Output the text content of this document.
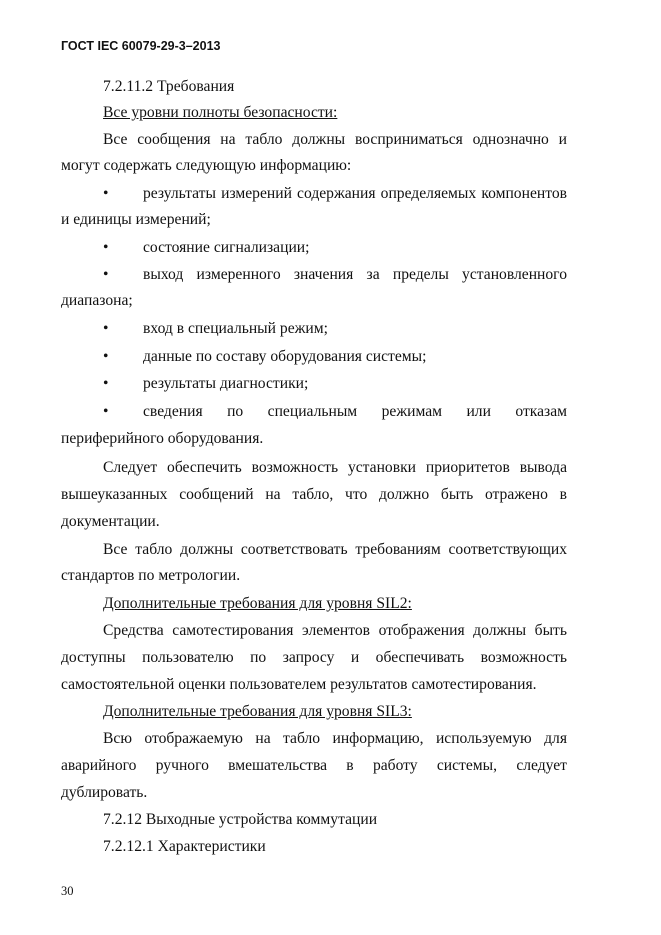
ГОСТ IEC 60079-29-3–2013
7.2.11.2 Требования
Все уровни полноты безопасности:
Все сообщения на табло должны восприниматься однозначно и
могут содержать следующую информацию:
• результаты измерений содержания определяемых компонентов
и единицы измерений;
• состояние сигнализации;
• выход измеренного значения за пределы установленного
диапазона;
• вход в специальный режим;
• данные по составу оборудования системы;
• результаты диагностики;
• сведения по специальным режимам или отказам
периферийного оборудования.
Следует обеспечить возможность установки приоритетов вывода
вышеуказанных сообщений на табло, что должно быть отражено в
документации.
Все табло должны соответствовать требованиям соответствующих
стандартов по метрологии.
Дополнительные требования для уровня SIL2:
Средства самотестирования элементов отображения должны быть
доступны пользователю по запросу и обеспечивать возможность
самостоятельной оценки пользователем результатов самотестирования.
Дополнительные требования для уровня SIL3:
Всю отображаемую на табло информацию, используемую для
аварийного ручного вмешательства в работу системы, следует
дублировать.
7.2.12 Выходные устройства коммутации
7.2.12.1 Характеристики
30
